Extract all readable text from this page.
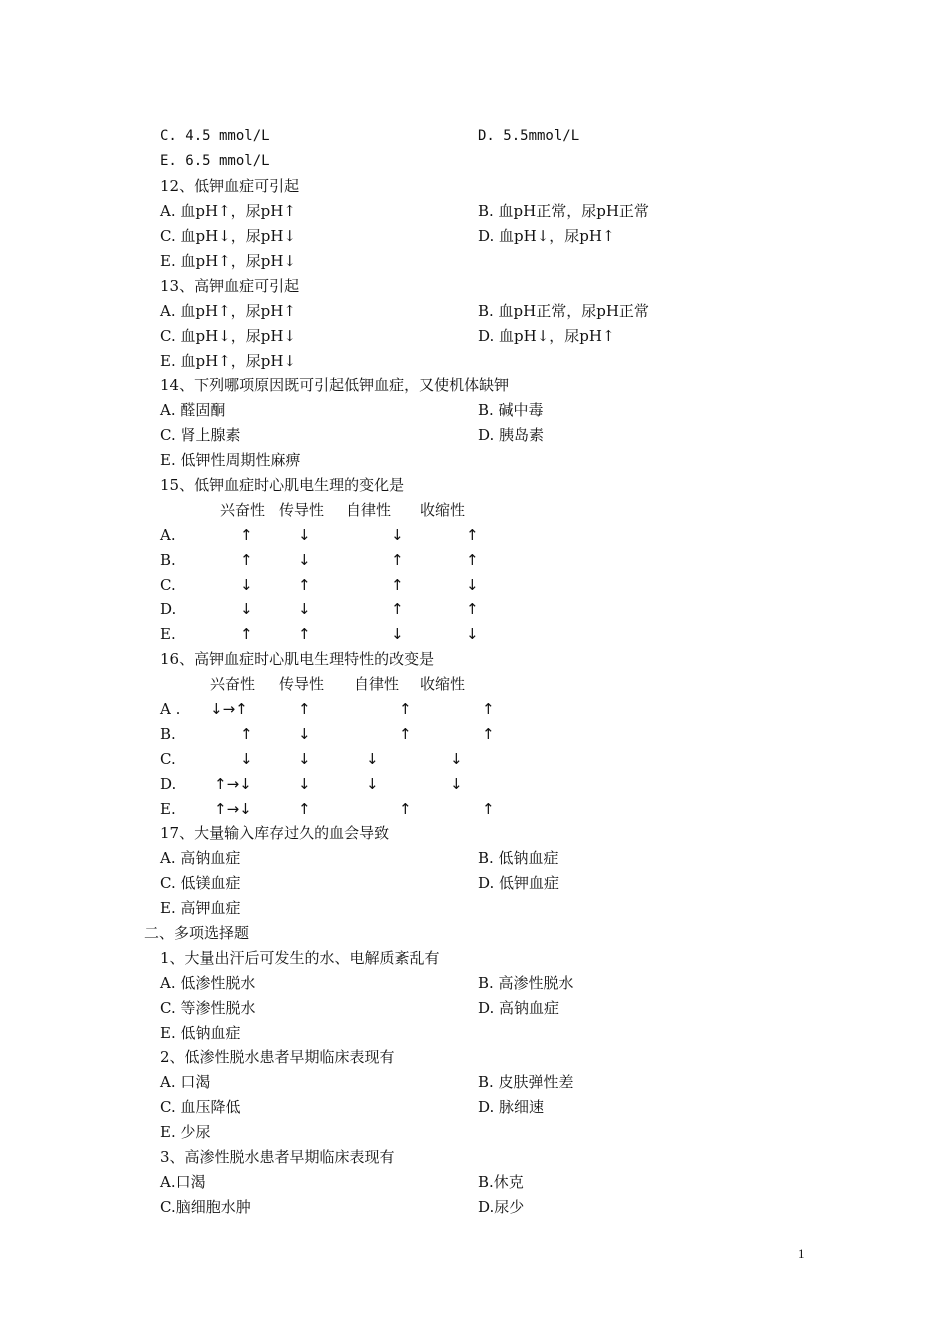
C. 4.5 mmol/L	D. 5.5mmol/L
E. 6.5 mmol/L
12、低钾血症可引起
A. 血pH↑，尿pH↑	B. 血pH正常，尿pH正常
C. 血pH↓，尿pH↓	D. 血pH↓，尿pH↑
E. 血pH↑，尿pH↓
13、高钾血症可引起
A. 血pH↑，尿pH↑	B. 血pH正常，尿pH正常
C. 血pH↓，尿pH↓	D. 血pH↓，尿pH↑
E. 血pH↑，尿pH↓
14、下列哪项原因既可引起低钾血症，又使机体缺钾
A. 醛固酮	B. 碱中毒
C. 肾上腺素	D. 胰岛素
E. 低钾性周期性麻痹
15、低钾血症时心肌电生理的变化是
兴奋性 传导性 自律性 收缩性
A.	↑	↓	↓	↑
B.	↑	↓	↑	↑
C.	↓	↑	↑	↓
D.	↓	↓	↑	↑
E.	↑	↑	↓	↓
16、高钾血症时心肌电生理特性的改变是
兴奋性 传导性 自律性 收缩性
A . ↓→↑	↑	↑	↑
B.	↑	↓	↑	↑
C.	↓	↓	↓	↓
D.	↑→↓	↓	↓	↓
E.	↑→↓	↑	↑	↑
17、大量输入库存过久的血会导致
A. 高钠血症	B. 低钠血症
C. 低镁血症	D. 低钾血症
E. 高钾血症
二、多项选择题
1、大量出汗后可发生的水、电解质紊乱有
A. 低渗性脱水	B. 高渗性脱水
C. 等渗性脱水	D. 高钠血症
E. 低钠血症
2、低渗性脱水患者早期临床表现有
A. 口渴	B. 皮肤弹性差
C. 血压降低	D. 脉细速
E. 少尿
3、高渗性脱水患者早期临床表现有
A.口渴	B.休克
C.脑细胞水肿	D.尿少
1
